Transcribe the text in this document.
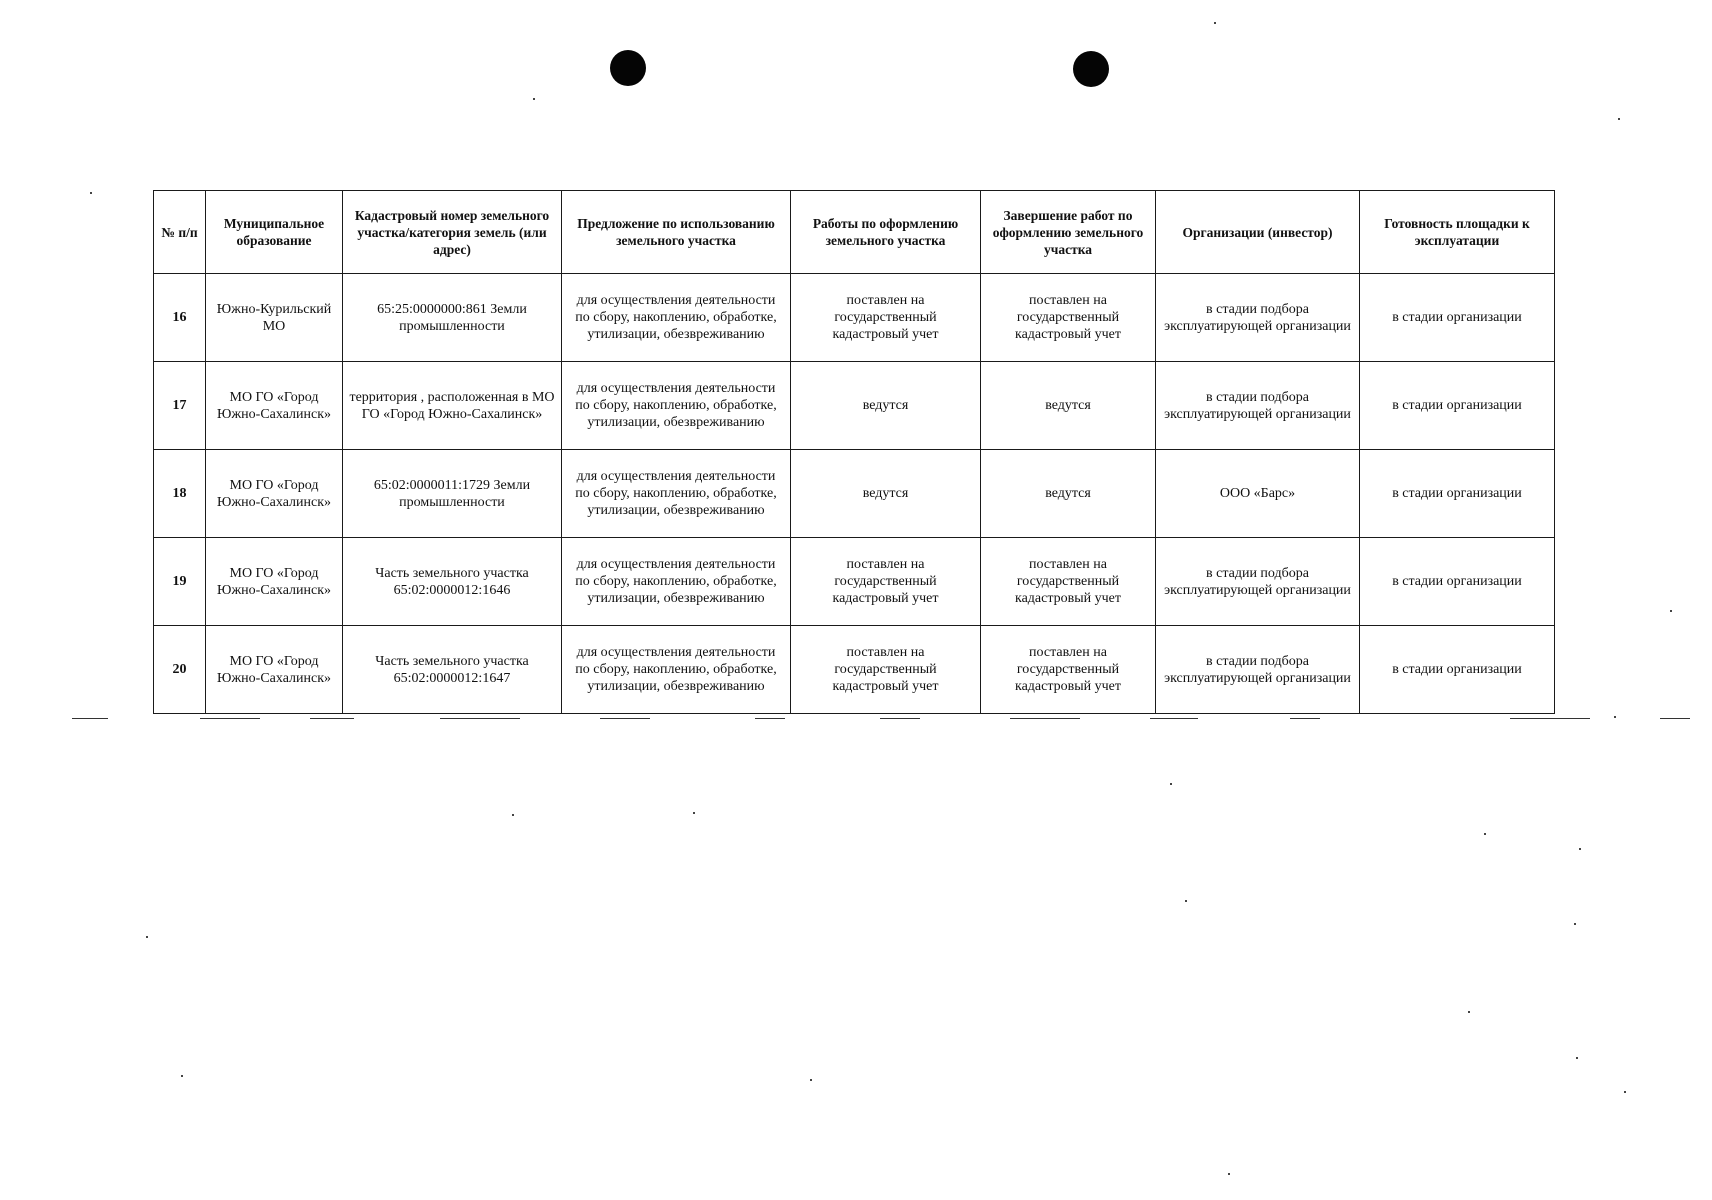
№ п/п	Муниципальное образование	Кадастровый номер земельного участка/категория земель (или адрес)	Предложение по использованию земельного участка	Работы по оформлению земельного участка	Завершение работ по оформлению земельного участка	Организации (инвестор)	Готовность площадки к эксплуатации
16	Южно-Курильский МО	65:25:0000000:861 Земли промышленности	для осуществления деятельности по сбору, накоплению, обработке, утилизации, обезвреживанию	поставлен на государственный кадастровый учет	поставлен на государственный кадастровый учет	в стадии подбора эксплуатирующей организации	в стадии организации
17	МО ГО «Город Южно-Сахалинск»	территория , расположенная в МО ГО «Город Южно-Сахалинск»	для осуществления деятельности по сбору, накоплению, обработке, утилизации, обезвреживанию	ведутся	ведутся	в стадии подбора эксплуатирующей организации	в стадии организации
18	МО ГО «Город Южно-Сахалинск»	65:02:0000011:1729 Земли промышленности	для осуществления деятельности по сбору, накоплению, обработке, утилизации, обезвреживанию	ведутся	ведутся	ООО «Барс»	в стадии организации
19	МО ГО «Город Южно-Сахалинск»	Часть земельного участка 65:02:0000012:1646	для осуществления деятельности по сбору, накоплению, обработке, утилизации, обезвреживанию	поставлен на государственный кадастровый учет	поставлен на государственный кадастровый учет	в стадии подбора эксплуатирующей организации	в стадии организации
20	МО ГО «Город Южно-Сахалинск»	Часть земельного участка 65:02:0000012:1647	для осуществления деятельности по сбору, накоплению, обработке, утилизации, обезвреживанию	поставлен на государственный кадастровый учет	поставлен на государственный кадастровый учет	в стадии подбора эксплуатирующей организации	в стадии организации
